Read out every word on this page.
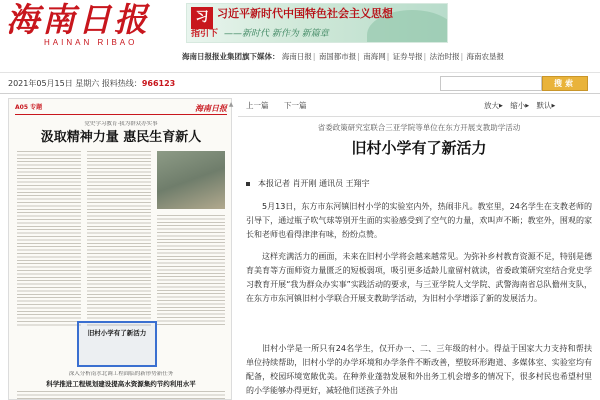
海南日报
HAINAN RIBAO
习 习近平新时代中国特色社会主义思想
指引下 ——新时代 新作为 新篇章
海南日报报业集团旗下媒体： 海南日报| 南国都市报| 南海网| 证券导报| 法治时报| 海南农垦报
2021年05月15日 星期六 报料热线：966123	搜索
A05 专题	海南日报
党史学习教育·我为群众办实事
汲取精神力量 惠民生育新人
旧村小学有了新活力
深入分析南水北调工程面临的新形势新任务
科学推进工程规划建设提高水资源集约节约利用水平
▲	上一篇 下一篇	放大▶ 缩小▶ 默认▶
省委政策研究室联合三亚学院等单位在东方开展支教助学活动
旧村小学有了新活力
本报记者 肖开刚 通讯员 王翔宇

5月13日，东方市东河镇旧村小学的实验室内外，热闹非凡。教室里，24名学生在支教老师的引导下，通过瓶子吹气球等别开生面的实验感受到了空气的力量，欢叫声不断；教室外，围观的家长和老师也看得津津有味，纷纷点赞。

这样充满活力的画面，未来在旧村小学将会越来越常见。为弥补乡村教育资源不足，特别是德育美育等方面师资力量匮乏的短板弱项，吸引更多适龄儿童留村就读，省委政策研究室结合党史学习教育开展“我为群众办实事”实践活动的要求，与三亚学院人文学院、武警海南省总队儋州支队，在东方市东河镇旧村小学联合开展支教助学活动，为旧村小学增添了新的发展活力。

旧村小学是一所只有24名学生，仅开办一、二、三年级的村小。得益于国家大力支持和帮扶单位持续帮助，旧村小学的办学环境和办学条件不断改善，塑胶环形跑道、多媒体室、实验室均有配备，校园环境宽敞优美。在种养业蓬勃发展和外出务工机会增多的情况下，很多村民也希望村里的小学能够办得更好，减轻他们送孩子外出
